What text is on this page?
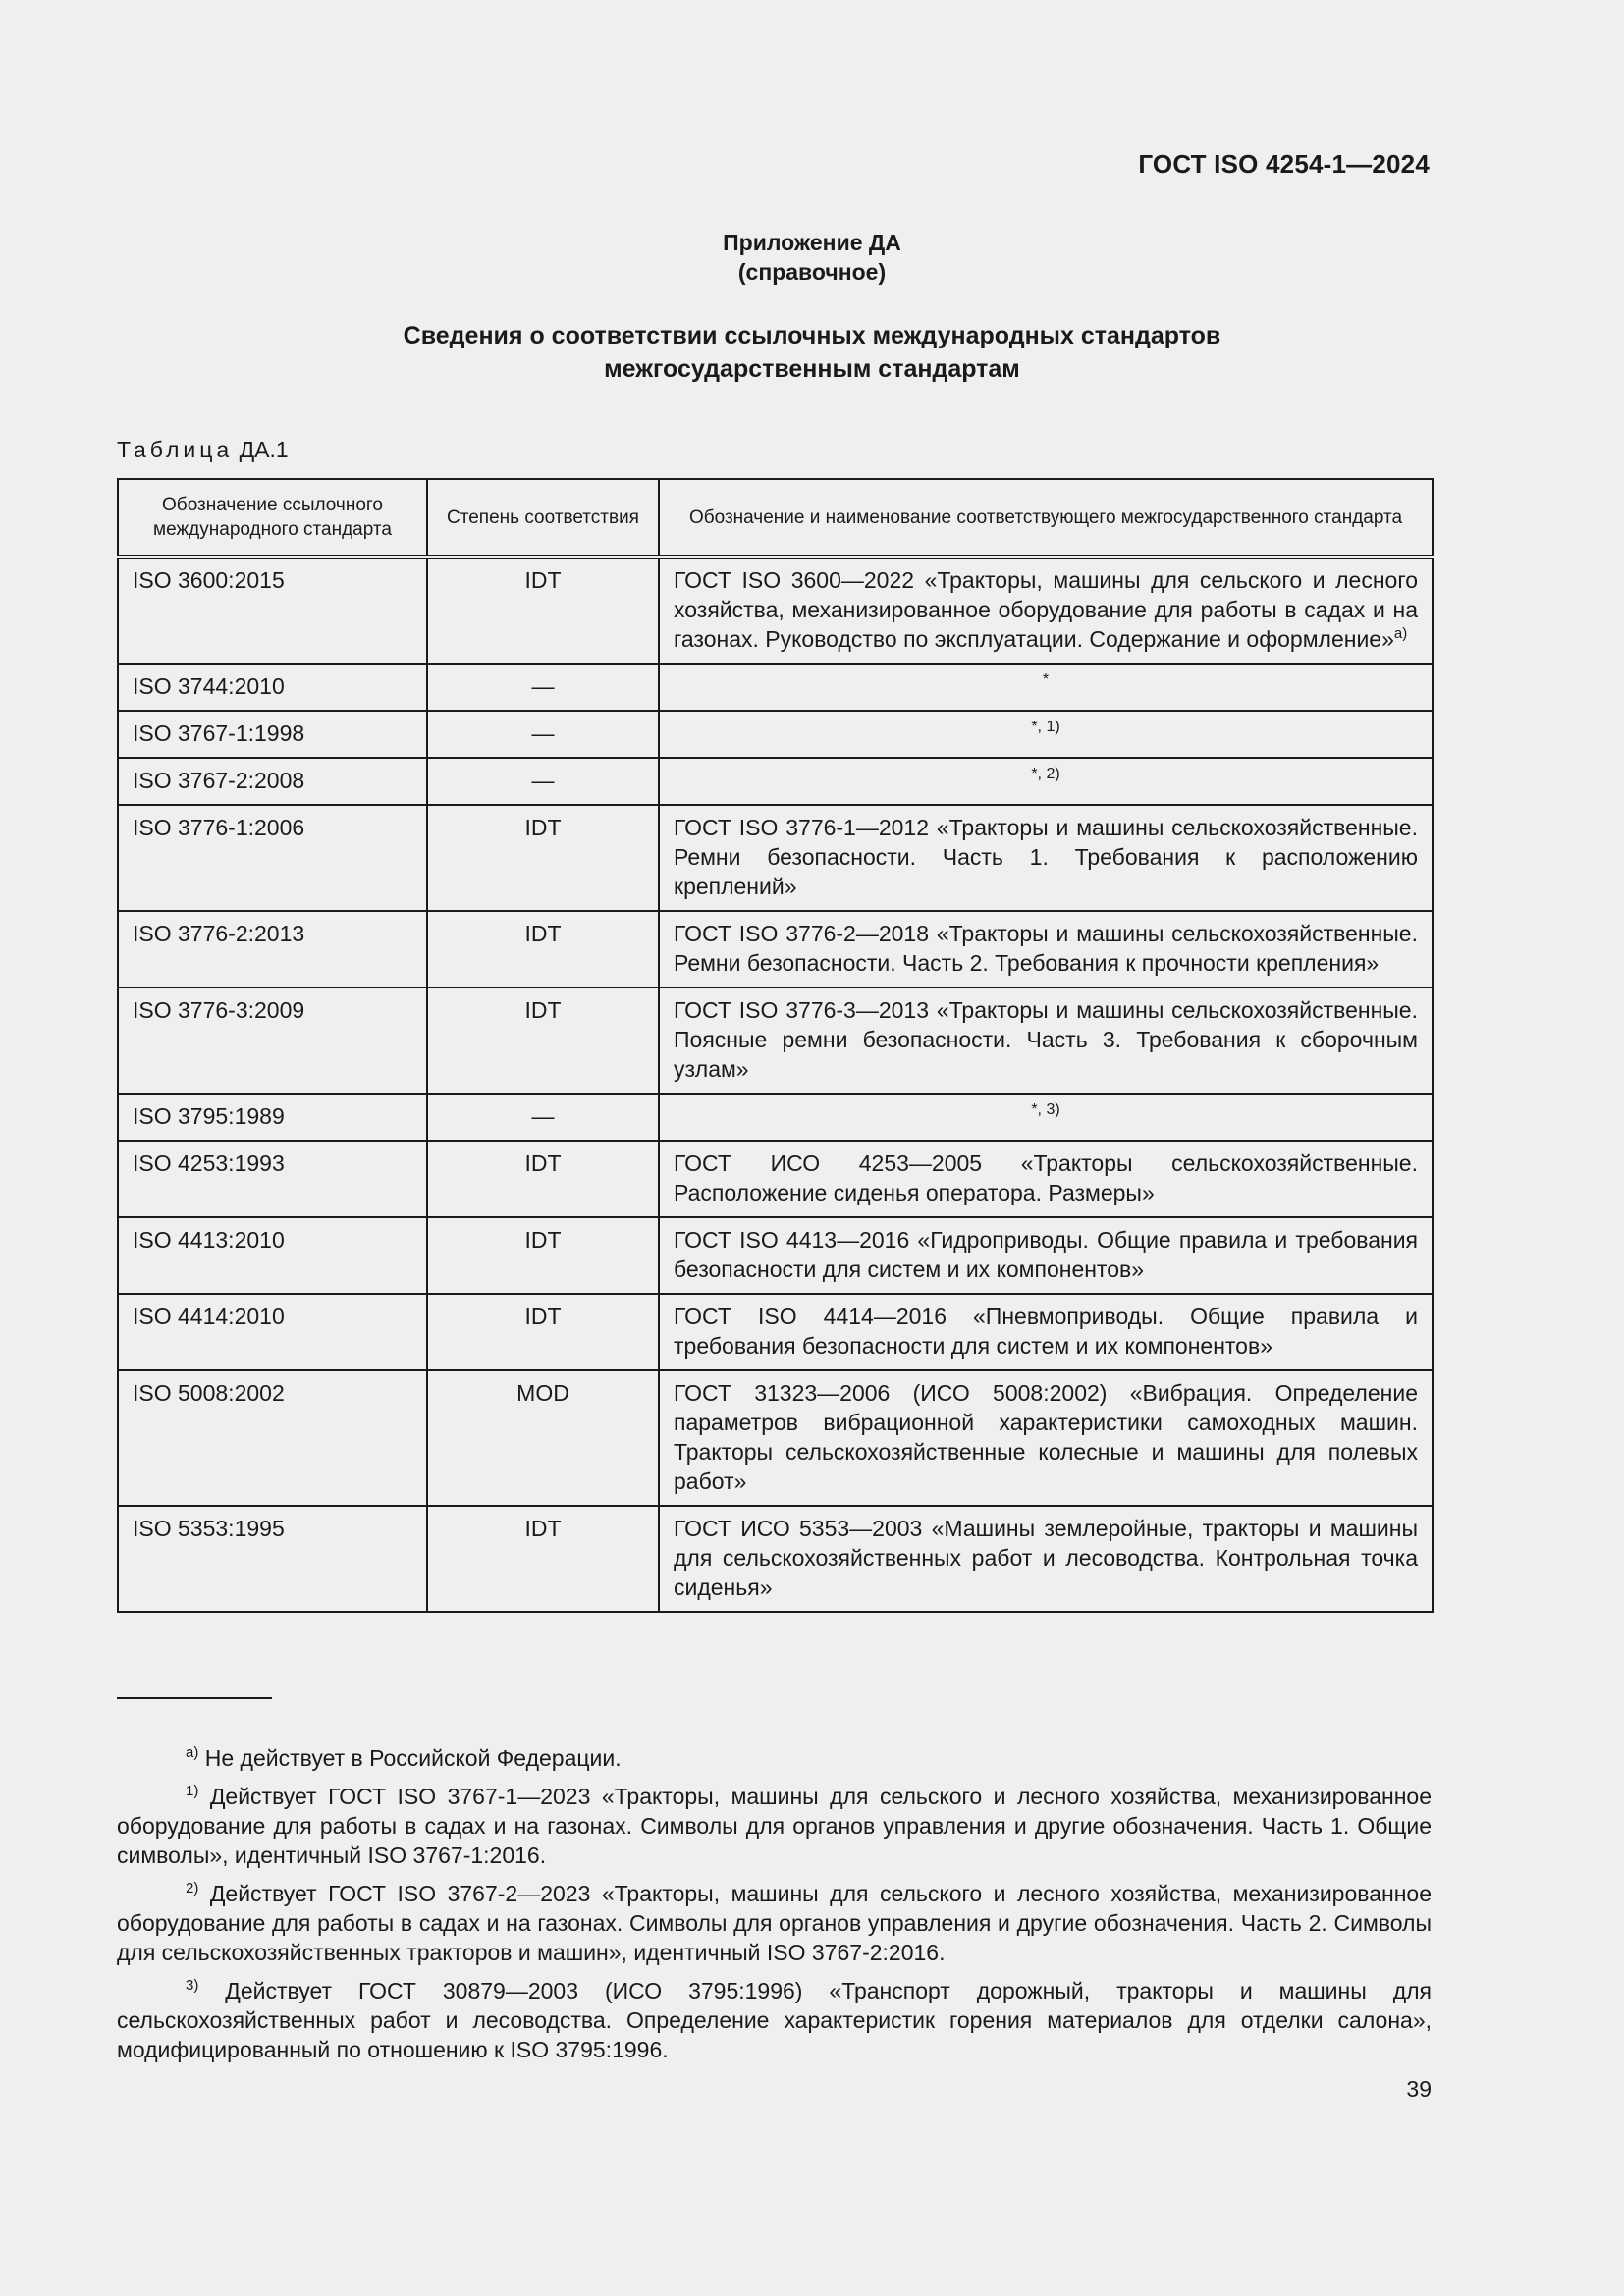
ГОСТ ISO 4254-1—2024
Приложение ДА
(справочное)
Сведения о соответствии ссылочных международных стандартов
межгосударственным стандартам
Таблица ДА.1
Обозначение ссылочного международного стандарта	Степень соответствия	Обозначение и наименование соответствующего межгосударственного стандарта
ISO 3600:2015	IDT	ГОСТ ISO 3600—2022 «Тракторы, машины для сельского и лесного хозяйства, механизированное оборудование для работы в садах и на газонах. Руководство по эксплуатации. Содержание и оформление»$^{а)}$
ISO 3744:2010	—	*
ISO 3767-1:1998	—	*, 1)
ISO 3767-2:2008	—	*, 2)
ISO 3776-1:2006	IDT	ГОСТ ISO 3776-1—2012 «Тракторы и машины сельскохозяйственные. Ремни безопасности. Часть 1. Требования к расположению креплений»
ISO 3776-2:2013	IDT	ГОСТ ISO 3776-2—2018 «Тракторы и машины сельскохозяйственные. Ремни безопасности. Часть 2. Требования к прочности крепления»
ISO 3776-3:2009	IDT	ГОСТ ISO 3776-3—2013 «Тракторы и машины сельскохозяйственные. Поясные ремни безопасности. Часть 3. Требования к сборочным узлам»
ISO 3795:1989	—	*, 3)
ISO 4253:1993	IDT	ГОСТ ИСО 4253—2005 «Тракторы сельскохозяйственные. Расположение сиденья оператора. Размеры»
ISO 4413:2010	IDT	ГОСТ ISO 4413—2016 «Гидроприводы. Общие правила и требования безопасности для систем и их компонентов»
ISO 4414:2010	IDT	ГОСТ ISO 4414—2016 «Пневмоприводы. Общие правила и требования безопасности для систем и их компонентов»
ISO 5008:2002	MOD	ГОСТ 31323—2006 (ИСО 5008:2002) «Вибрация. Определение параметров вибрационной характеристики самоходных машин. Тракторы сельскохозяйственные колесные и машины для полевых работ»
ISO 5353:1995	IDT	ГОСТ ИСО 5353—2003 «Машины землеройные, тракторы и машины для сельскохозяйственных работ и лесоводства. Контрольная точка сиденья»

$^{а)}$ Не действует в Российской Федерации.

$^{1)}$ Действует ГОСТ ISO 3767-1—2023 «Тракторы, машины для сельского и лесного хозяйства, механизированное оборудование для работы в садах и на газонах. Символы для органов управления и другие обозначения. Часть 1. Общие символы», идентичный ISO 3767-1:2016.

$^{2)}$ Действует ГОСТ ISO 3767-2—2023 «Тракторы, машины для сельского и лесного хозяйства, механизированное оборудование для работы в садах и на газонах. Символы для органов управления и другие обозначения. Часть 2. Символы для сельскохозяйственных тракторов и машин», идентичный ISO 3767-2:2016.

$^{3)}$ Действует ГОСТ 30879—2003 (ИСО 3795:1996) «Транспорт дорожный, тракторы и машины для сельскохозяйственных работ и лесоводства. Определение характеристик горения материалов для отделки салона», модифицированный по отношению к ISO 3795:1996.

39
